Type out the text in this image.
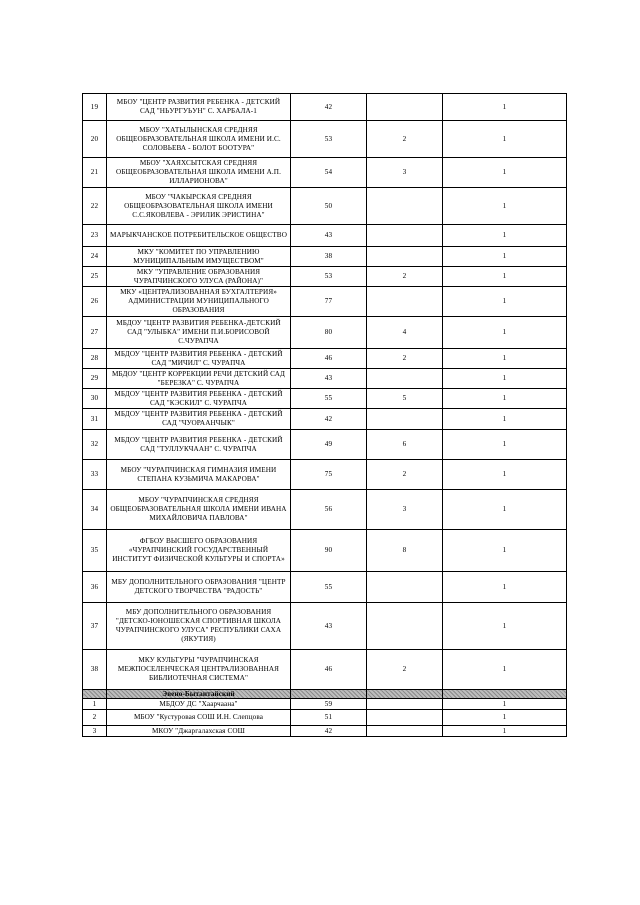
19	МБОУ "ЦЕНТР РАЗВИТИЯ РЕБЕНКА - ДЕТСКИЙ САД "НЬУРГУЬУН" С. ХАРБАЛА-1	42		1
20	МБОУ "ХАТЫЛЫНСКАЯ СРЕДНЯЯ ОБЩЕОБРАЗОВАТЕЛЬНАЯ ШКОЛА ИМЕНИ И.С. СОЛОВЬЕВА - БОЛОТ БООТУРА"	53	2	1
21	МБОУ "ХАЯХСЫТСКАЯ СРЕДНЯЯ ОБЩЕОБРАЗОВАТЕЛЬНАЯ ШКОЛА ИМЕНИ А.П. ИЛЛАРИОНОВА"	54	3	1
22	МБОУ "ЧАКЫРСКАЯ СРЕДНЯЯ ОБЩЕОБРАЗОВАТЕЛЬНАЯ ШКОЛА ИМЕНИ С.С.ЯКОВЛЕВА - ЭРИЛИК ЭРИСТИНА"	50		1
23	МАРЫКЧАНСКОЕ ПОТРЕБИТЕЛЬСКОЕ ОБЩЕСТВО	43		1
24	МКУ "КОМИТЕТ ПО УПРАВЛЕНИЮ МУНИЦИПАЛЬНЫМ ИМУЩЕСТВОМ"	38		1
25	МКУ "УПРАВЛЕНИЕ ОБРАЗОВАНИЯ ЧУРАПЧИНСКОГО УЛУСА (РАЙОНА)"	53	2	1
26	МКУ «ЦЕНТРАЛИЗОВАННАЯ БУХГАЛТЕРИЯ» АДМИНИСТРАЦИИ МУНИЦИПАЛЬНОГО ОБРАЗОВАНИЯ	77		1
27	МБДОУ "ЦЕНТР РАЗВИТИЯ РЕБЕНКА-ДЕТСКИЙ САД "УЛЫБКА" ИМЕНИ П.И.БОРИСОВОЙ С.ЧУРАПЧА	80	4	1
28	МБДОУ "ЦЕНТР РАЗВИТИЯ РЕБЕНКА - ДЕТСКИЙ САД "МИЧИЛ" С. ЧУРАПЧА	46	2	1
29	МБДОУ "ЦЕНТР КОРРЕКЦИИ РЕЧИ ДЕТСКИЙ САД "БЕРЕЗКА" С. ЧУРАПЧА	43		1
30	МБДОУ "ЦЕНТР РАЗВИТИЯ РЕБЕНКА - ДЕТСКИЙ САД "КЭСКИЛ" С. ЧУРАПЧА	55	5	1
31	МБДОУ "ЦЕНТР РАЗВИТИЯ РЕБЕНКА - ДЕТСКИЙ САД "ЧУОРААНЧЫК"	42		1
32	МБДОУ "ЦЕНТР РАЗВИТИЯ РЕБЕНКА - ДЕТСКИЙ САД "ТУЛЛУКЧААН" С. ЧУРАПЧА	49	6	1
33	МБОУ "ЧУРАПЧИНСКАЯ ГИМНАЗИЯ ИМЕНИ СТЕПАНА КУЗЬМИЧА МАКАРОВА"	75	2	1
34	МБОУ "ЧУРАПЧИНСКАЯ СРЕДНЯЯ ОБЩЕОБРАЗОВАТЕЛЬНАЯ ШКОЛА ИМЕНИ ИВАНА МИХАЙЛОВИЧА ПАВЛОВА"	56	3	1
35	ФГБОУ ВЫСШЕГО ОБРАЗОВАНИЯ «ЧУРАПЧИНСКИЙ ГОСУДАРСТВЕННЫЙ ИНСТИТУТ ФИЗИЧЕСКОЙ КУЛЬТУРЫ И СПОРТА»	90	8	1
36	МБУ ДОПОЛНИТЕЛЬНОГО ОБРАЗОВАНИЯ "ЦЕНТР ДЕТСКОГО ТВОРЧЕСТВА "РАДОСТЬ"	55		1
37	МБУ ДОПОЛНИТЕЛЬНОГО ОБРАЗОВАНИЯ "ДЕТСКО-ЮНОШЕСКАЯ СПОРТИВНАЯ ШКОЛА ЧУРАПЧИНСКОГО УЛУСА" РЕСПУБЛИКИ САХА (ЯКУТИЯ)	43		1
38	МКУ КУЛЬТУРЫ "ЧУРАПЧИНСКАЯ МЕЖПОСЕЛЕНЧЕСКАЯ ЦЕНТРАЛИЗОВАННАЯ БИБЛИОТЕЧНАЯ СИСТЕМА"	46	2	1
	Эвено-Бытантайский			
1	МБДОУ ДС "Хаарчаана"	59		1
2	МБОУ "Кустуровая СОШ И.Н. Слепцова	51		1
3	МКОУ "Джаргалахская СОШ	42		1
